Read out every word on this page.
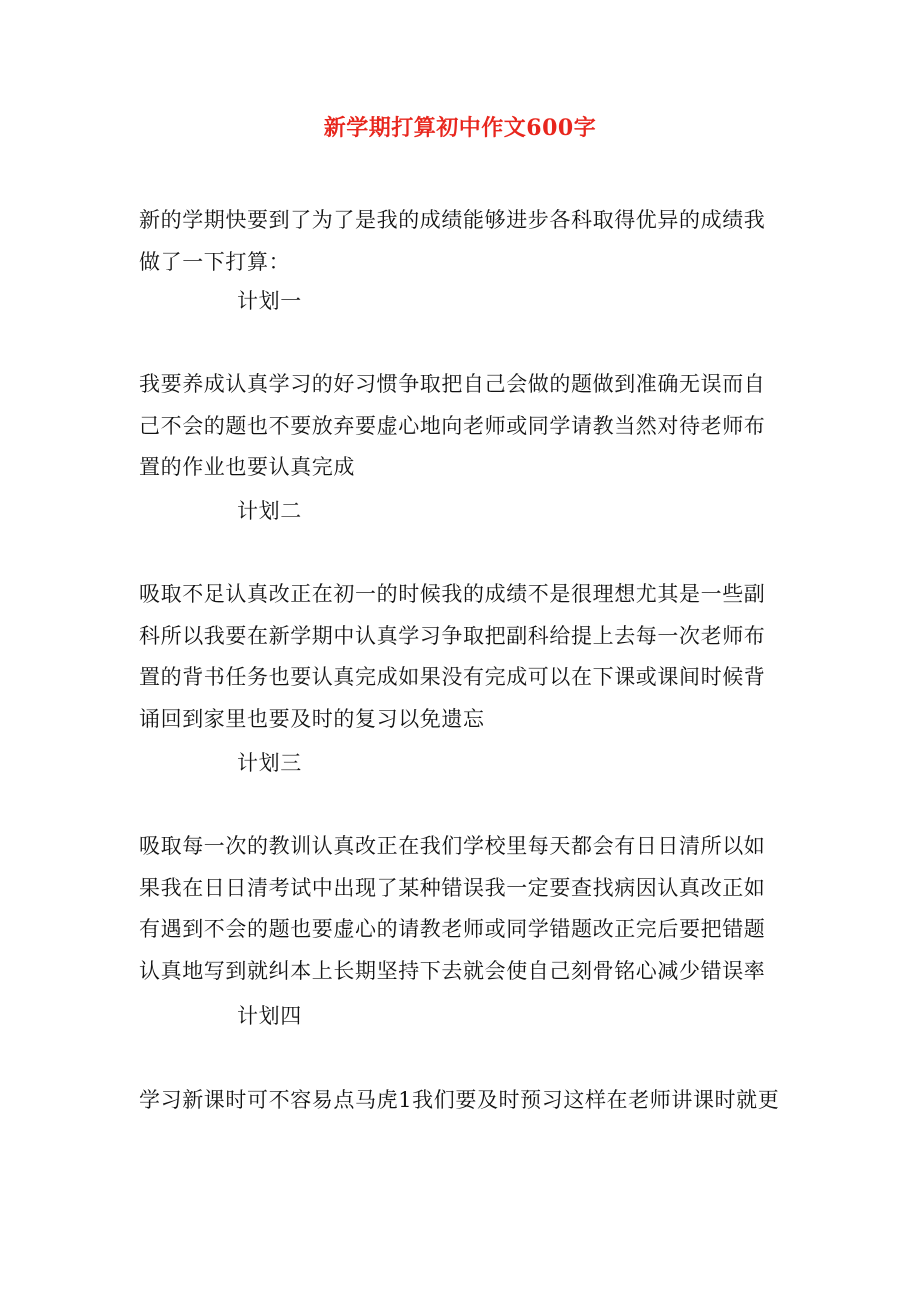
新学期打算初中作文600字

新的学期快要到了为了是我的成绩能够进步各科取得优异的成绩我
做了一下打算：

计划一

我要养成认真学习的好习惯争取把自己会做的题做到准确无误而自
己不会的题也不要放弃要虚心地向老师或同学请教当然对待老师布
置的作业也要认真完成

计划二

吸取不足认真改正在初一的时候我的成绩不是很理想尤其是一些副
科所以我要在新学期中认真学习争取把副科给提上去每一次老师布
置的背书任务也要认真完成如果没有完成可以在下课或课间时候背
诵回到家里也要及时的复习以免遗忘

计划三

吸取每一次的教训认真改正在我们学校里每天都会有日日清所以如
果我在日日清考试中出现了某种错误我一定要查找病因认真改正如
有遇到不会的题也要虚心的请教老师或同学错题改正完后要把错题
认真地写到就纠本上长期坚持下去就会使自己刻骨铭心减少错误率

计划四

学习新课时可不容易点马虎1我们要及时预习这样在老师讲课时就更
